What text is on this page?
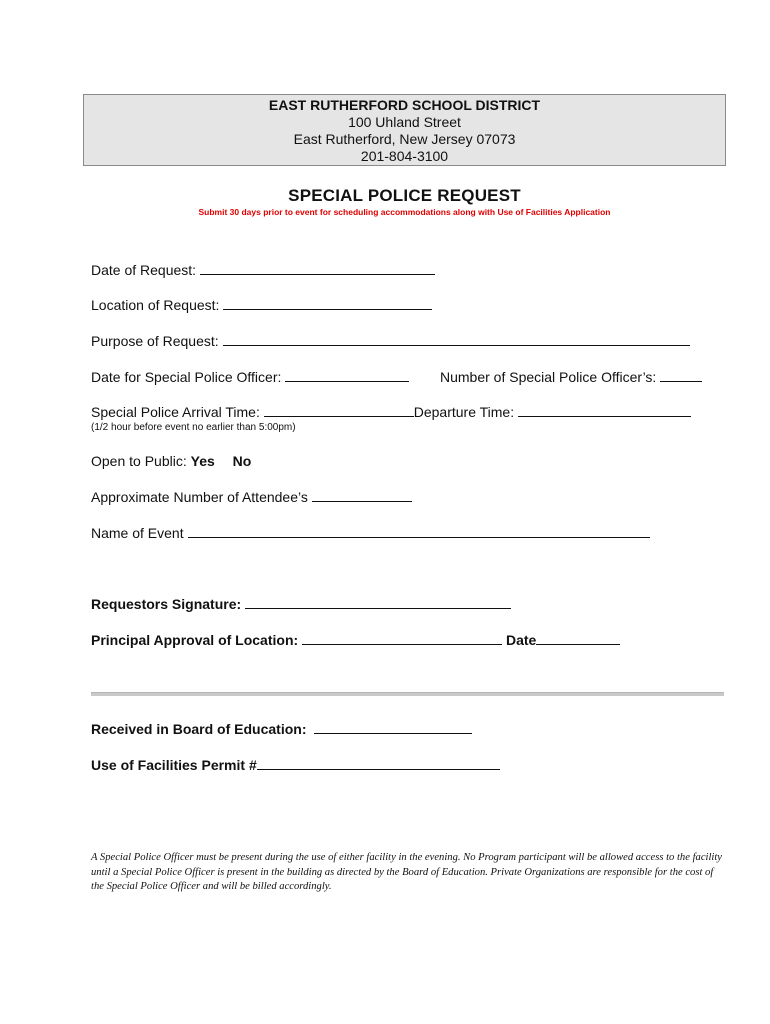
EAST RUTHERFORD SCHOOL DISTRICT
100 Uhland Street
East Rutherford, New Jersey 07073
201-804-3100
SPECIAL POLICE REQUEST
Submit 30 days prior to event for scheduling accommodations along with Use of Facilities Application
Date of Request:
Location of Request:
Purpose of Request:
Date for Special Police Officer:	Number of Special Police Officer’s:
Special Police Arrival Time:	Departure Time:
(1/2 hour before event no earlier than 5:00pm)
Open to Public: Yes No
Approximate Number of Attendee’s
Name of Event
Requestors Signature:
Principal Approval of Location:	Date
Received in Board of Education:
Use of Facilities Permit #
A Special Police Officer must be present during the use of either facility in the evening. No Program participant will be allowed access to the facility until a Special Police Officer is present in the building as directed by the Board of Education. Private Organizations are responsible for the cost of the Special Police Officer and will be billed accordingly.
